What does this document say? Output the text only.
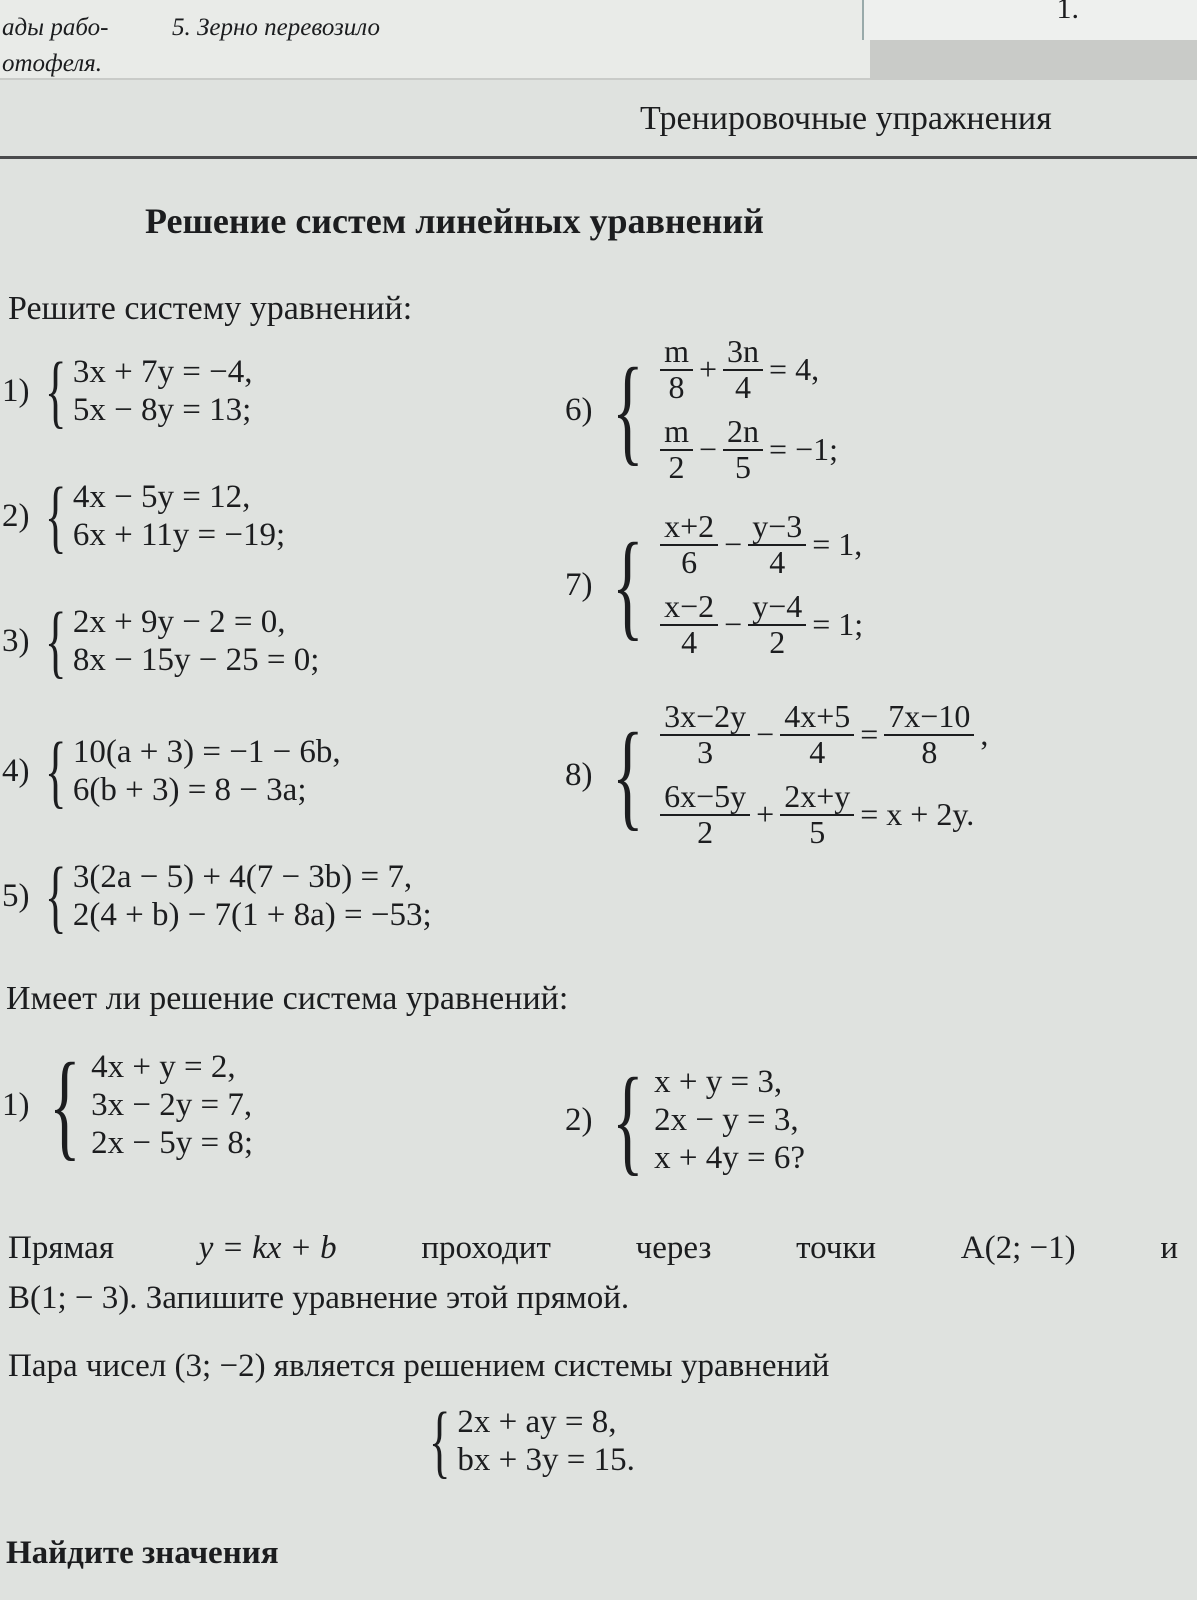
ады рабо-	5. Зерно перевозило
отофеля.
1.
Тренировочные упражнения
Решение систем линейных уравнений
Решите систему уравнений:
1) { 3x + 7y = −4,
5x − 8y = 13;
2) { 4x − 5y = 12,
6x + 11y = −19;
3) { 2x + 9y − 2 = 0,
8x − 15y − 25 = 0;
4) { 10(a + 3) = −1 − 6b,
6(b + 3) = 8 − 3a;
5) { 3(2a − 5) + 4(7 − 3b) = 7,
2(4 + b) − 7(1 + 8a) = −53;
6) { $\frac{m}{8} + \frac{3n}{4} = 4$,
$\frac{m}{2} - \frac{2n}{5} = -1$;
7) { $\frac{x+2}{6} - \frac{y-3}{4} = 1$,
$\frac{x-2}{4} - \frac{y-4}{2} = 1$;
8) { $\frac{3x-2y}{3} - \frac{4x+5}{4} = \frac{7x-10}{8}$ ,
$\frac{6x-5y}{2} + \frac{2x+y}{5} = x + 2y$.
Имеет ли решение система уравнений:
1) { 4x + y = 2,
3x − 2y = 7,
2x − 5y = 8;
2) { x + y = 3,
2x − y = 3,
x + 4y = 6?
Прямая	y = kx + b	проходит	через	точки	A(2; −1)	и
B(1; − 3). Запишите уравнение этой прямой.
Пара чисел (3; −2) является решением системы уравнений
{ 2x + ay = 8,
bx + 3y = 15.
Найдите значения
